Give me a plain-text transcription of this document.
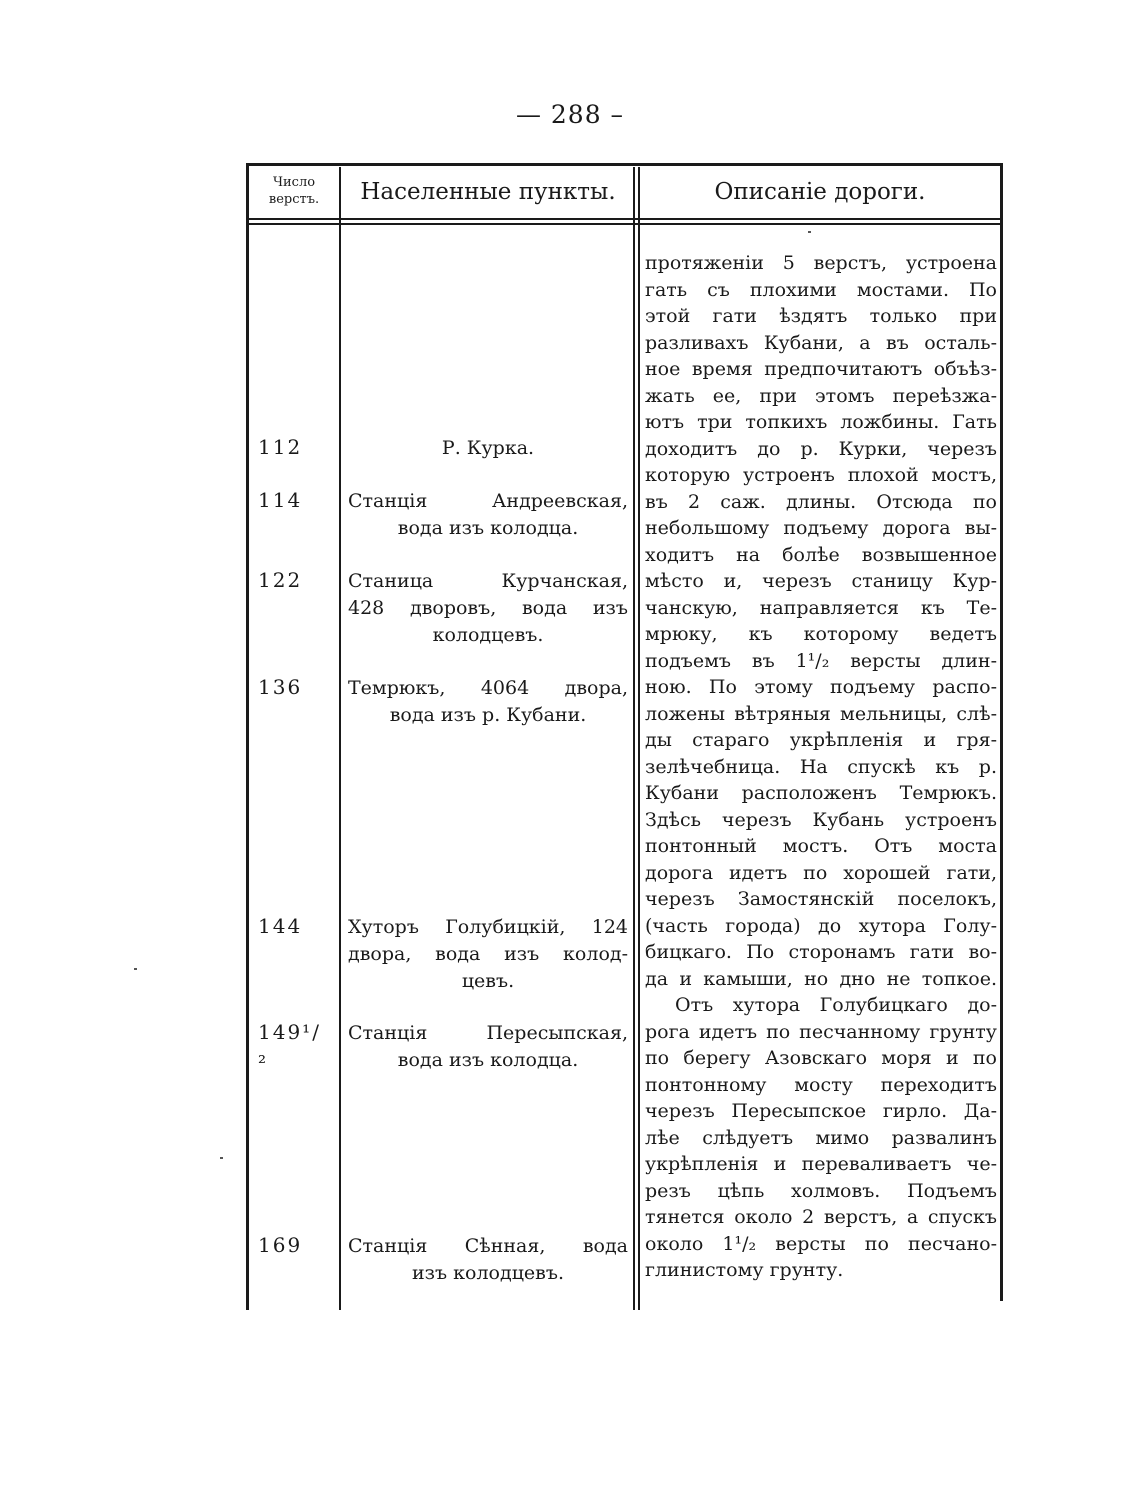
— 288 –
Число верстъ.	Населенные пункты.	Описаніе дороги.
112
114
122
136
144
149¹/₂
169
Р. Курка.
Станція Андреевская,
вода изъ колодца.
Станица Курчанская,
428 дворовъ, вода изъ
колодцевъ.
Темрюкъ, 4064 двора,
вода изъ р. Кубани.
Хуторъ Голубицкій, 124
двора, вода изъ колод-
цевъ.
Станція Пересыпская,
вода изъ колодца.
Станція Сѣнная, вода
изъ колодцевъ.
протяженіи 5 верстъ, устроена
гать съ плохими мостами. По
этой гати ѣздятъ только при
разливахъ Кубани, а въ осталь-
ное время предпочитаютъ объѣз-
жать ее, при этомъ переѣзжа-
ютъ три топкихъ ложбины. Гать
доходитъ до р. Курки, черезъ
которую устроенъ плохой мостъ,
въ 2 саж. длины. Отсюда по
небольшому подъему дорога вы-
ходитъ на болѣе возвышенное
мѣсто и, черезъ станицу Кур-
чанскую, направляется къ Те-
мрюку, къ которому ведетъ
подъемъ въ 1¹/₂ версты длин-
ною. По этому подъему распо-
ложены вѣтряныя мельницы, слѣ-
ды стараго укрѣпленія и гря-
зелѣчебница. На спускѣ къ р.
Кубани расположенъ Темрюкъ.
Здѣсь черезъ Кубань устроенъ
понтонный мостъ. Отъ моста
дорога идетъ по хорошей гати,
черезъ Замостянскій поселокъ,
(часть города) до хутора Голу-
бицкаго. По сторонамъ гати во-
да и камыши, но дно не топкое.
Отъ хутора Голубицкаго до-
рога идетъ по песчанному грунту
по берегу Азовскаго моря и по
понтонному мосту переходитъ
черезъ Пересыпское гирло. Да-
лѣе слѣдуетъ мимо развалинъ
укрѣпленія и переваливаетъ че-
резъ цѣпь холмовъ. Подъемъ
тянется около 2 верстъ, а спускъ
около 1¹/₂ версты по песчано-
глинистому грунту.
